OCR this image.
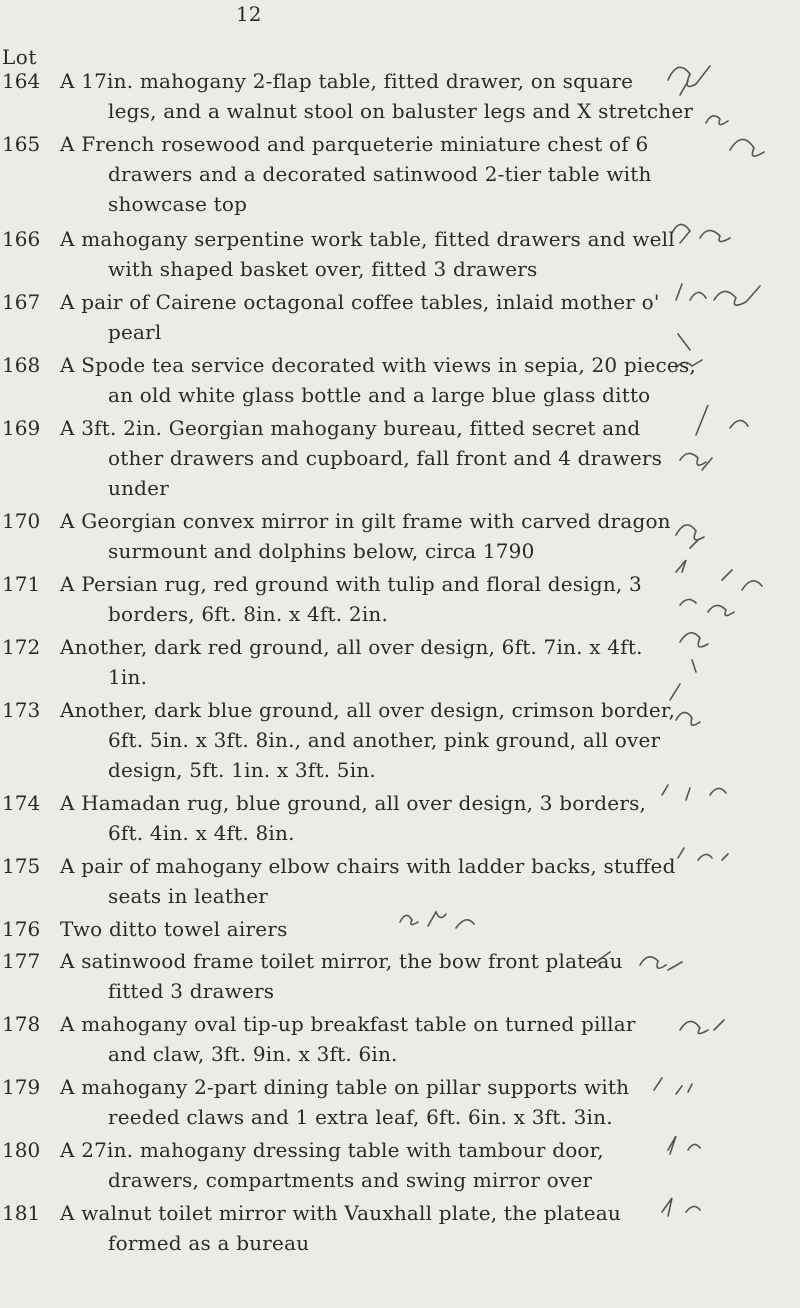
12
Lot
164 A 17in. mahogany 2-flap table, fitted drawer, on square
legs, and a walnut stool on baluster legs and X stretcher
165 A French rosewood and parqueterie miniature chest of 6
drawers and a decorated satinwood 2-tier table with
showcase top
166 A mahogany serpentine work table, fitted drawers and well
with shaped basket over, fitted 3 drawers
167 A pair of Cairene octagonal coffee tables, inlaid mother o'
pearl
168 A Spode tea service decorated with views in sepia, 20 pieces,
an old white glass bottle and a large blue glass ditto
169 A 3ft. 2in. Georgian mahogany bureau, fitted secret and
other drawers and cupboard, fall front and 4 drawers
under
170 A Georgian convex mirror in gilt frame with carved dragon
surmount and dolphins below, circa 1790
171 A Persian rug, red ground with tulip and floral design, 3
borders, 6ft. 8in. x 4ft. 2in.
172 Another, dark red ground, all over design, 6ft. 7in. x 4ft.
1in.
173 Another, dark blue ground, all over design, crimson border,
6ft. 5in. x 3ft. 8in., and another, pink ground, all over
design, 5ft. 1in. x 3ft. 5in.
174 A Hamadan rug, blue ground, all over design, 3 borders,
6ft. 4in. x 4ft. 8in.
175 A pair of mahogany elbow chairs with ladder backs, stuffed
seats in leather
176 Two ditto towel airers
177 A satinwood frame toilet mirror, the bow front plateau
fitted 3 drawers
178 A mahogany oval tip-up breakfast table on turned pillar
and claw, 3ft. 9in. x 3ft. 6in.
179 A mahogany 2-part dining table on pillar supports with
reeded claws and 1 extra leaf, 6ft. 6in. x 3ft. 3in.
180 A 27in. mahogany dressing table with tambour door,
drawers, compartments and swing mirror over
181 A walnut toilet mirror with Vauxhall plate, the plateau
formed as a bureau
